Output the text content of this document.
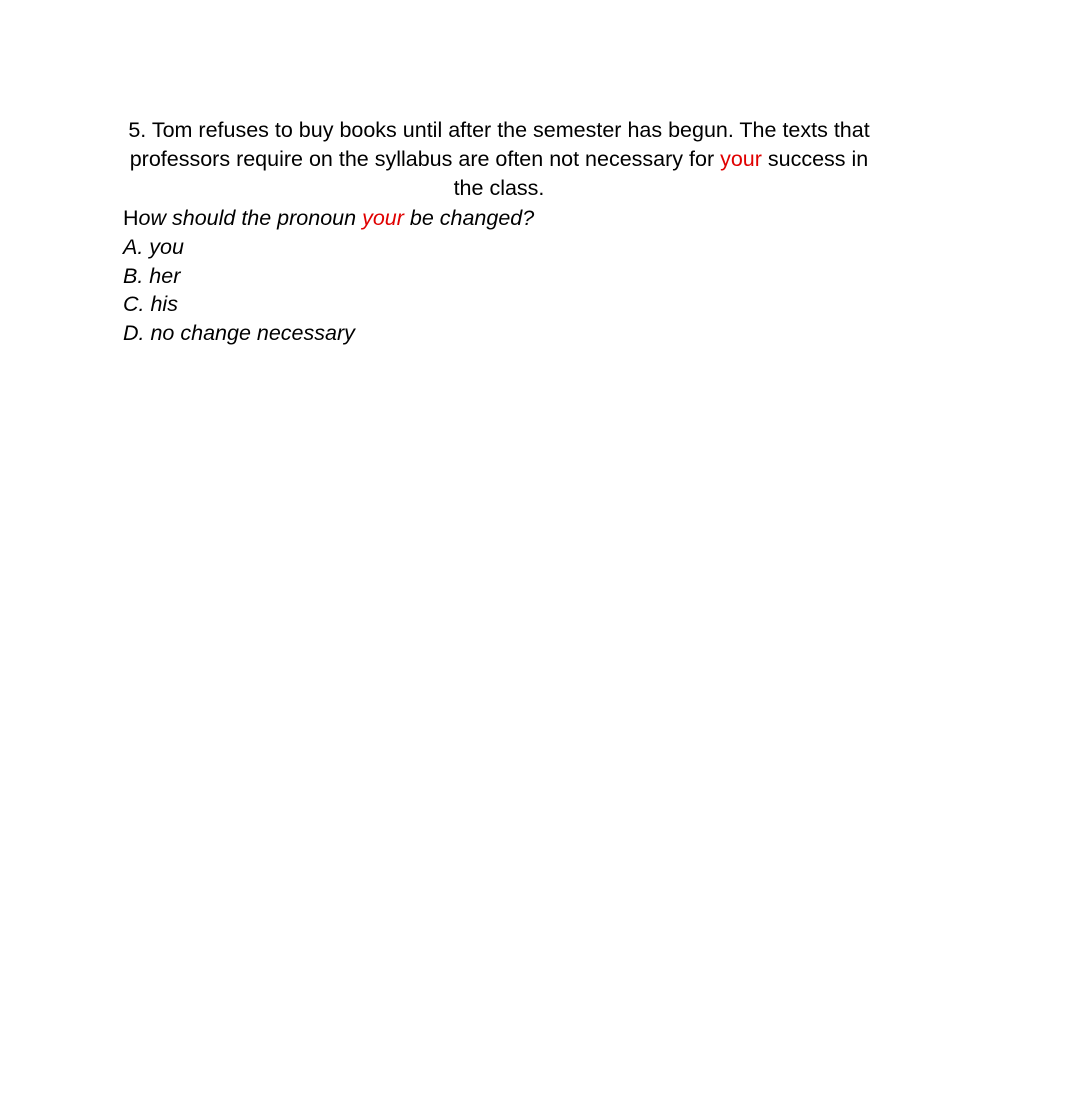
5. Tom refuses to buy books until after the semester has begun. The texts that professors require on the syllabus are often not necessary for your success in the class.

How should the pronoun your be changed?

A. you
B. her
C. his
D. no change necessary
